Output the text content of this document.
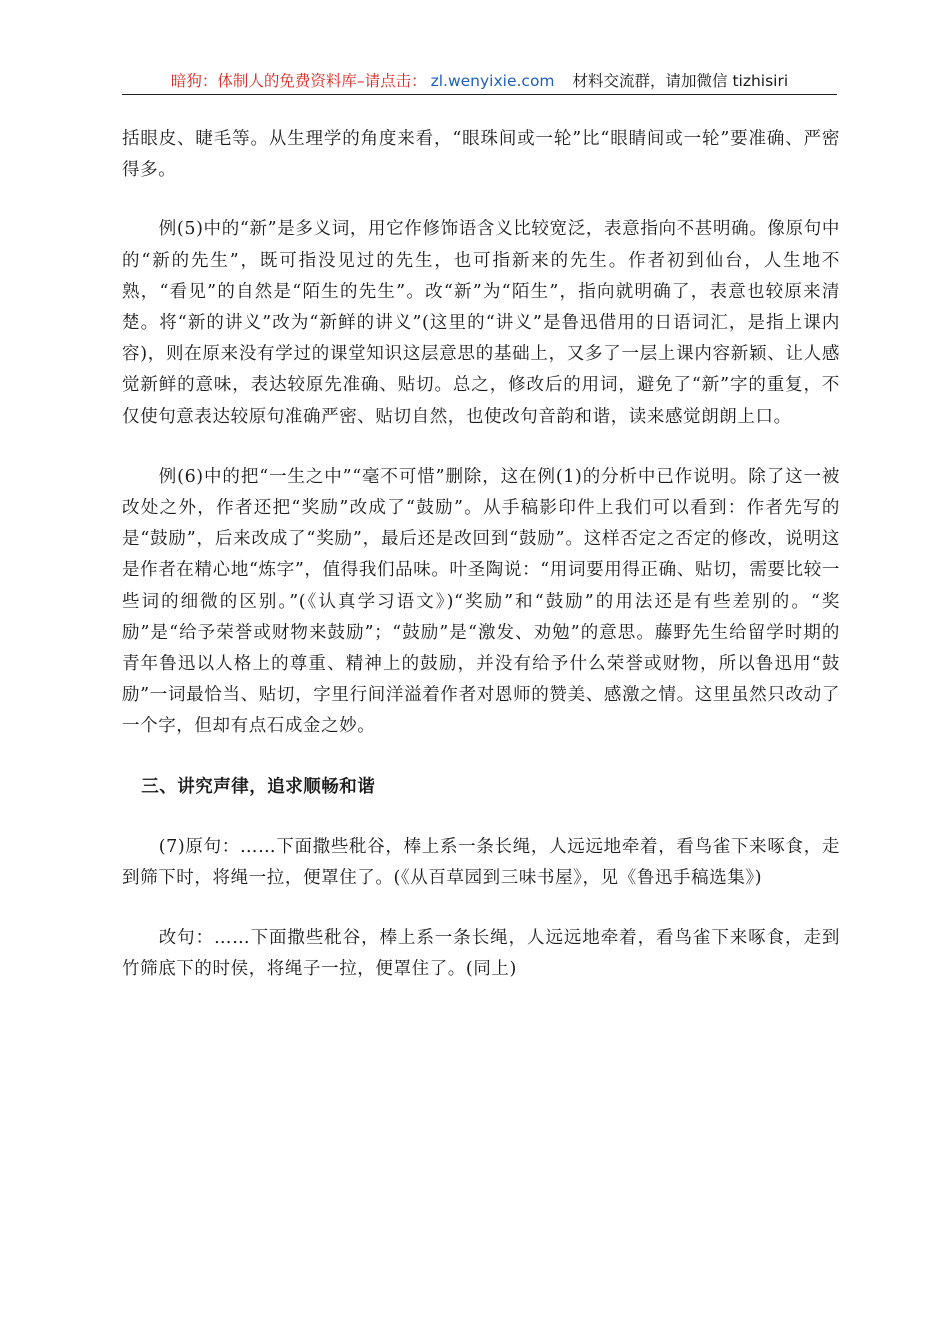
暗狗：体制人的免费资料库–请点击： zl.wenyixie.com 材料交流群，请加微信 tizhisiri

括眼皮、睫毛等。从生理学的角度来看，“眼珠间或一轮”比“眼睛间或一轮”要准确、严密得多。

例(5)中的“新”是多义词，用它作修饰语含义比较宽泛，表意指向不甚明确。像原句中的“新的先生”，既可指没见过的先生，也可指新来的先生。作者初到仙台，人生地不熟，“看见”的自然是“陌生的先生”。改“新”为“陌生”，指向就明确了，表意也较原来清楚。将“新的讲义”改为“新鲜的讲义”(这里的“讲义”是鲁迅借用的日语词汇，是指上课内容)，则在原来没有学过的课堂知识这层意思的基础上，又多了一层上课内容新颖、让人感觉新鲜的意味，表达较原先准确、贴切。总之，修改后的用词，避免了“新”字的重复，不仅使句意表达较原句准确严密、贴切自然，也使改句音韵和谐，读来感觉朗朗上口。

例(6)中的把“一生之中”“毫不可惜”删除，这在例(1)的分析中已作说明。除了这一被改处之外，作者还把“奖励”改成了“鼓励”。从手稿影印件上我们可以看到：作者先写的是“鼓励”，后来改成了“奖励”，最后还是改回到“鼓励”。这样否定之否定的修改，说明这是作者在精心地“炼字”，值得我们品味。叶圣陶说：“用词要用得正确、贴切，需要比较一些词的细微的区别。”(《认真学习语文》)“奖励”和“鼓励”的用法还是有些差别的。“奖励”是“给予荣誉或财物来鼓励”；“鼓励”是“激发、劝勉”的意思。藤野先生给留学时期的青年鲁迅以人格上的尊重、精神上的鼓励，并没有给予什么荣誉或财物，所以鲁迅用“鼓励”一词最恰当、贴切，字里行间洋溢着作者对恩师的赞美、感激之情。这里虽然只改动了一个字，但却有点石成金之妙。

三、讲究声律，追求顺畅和谐

(7)原句：……下面撒些秕谷，棒上系一条长绳，人远远地牵着，看鸟雀下来啄食，走到筛下时，将绳一拉，便罩住了。(《从百草园到三味书屋》，见《鲁迅手稿选集》)

改句：……下面撒些秕谷，棒上系一条长绳，人远远地牵着，看鸟雀下来啄食，走到竹筛底下的时侯，将绳子一拉，便罩住了。(同上)
